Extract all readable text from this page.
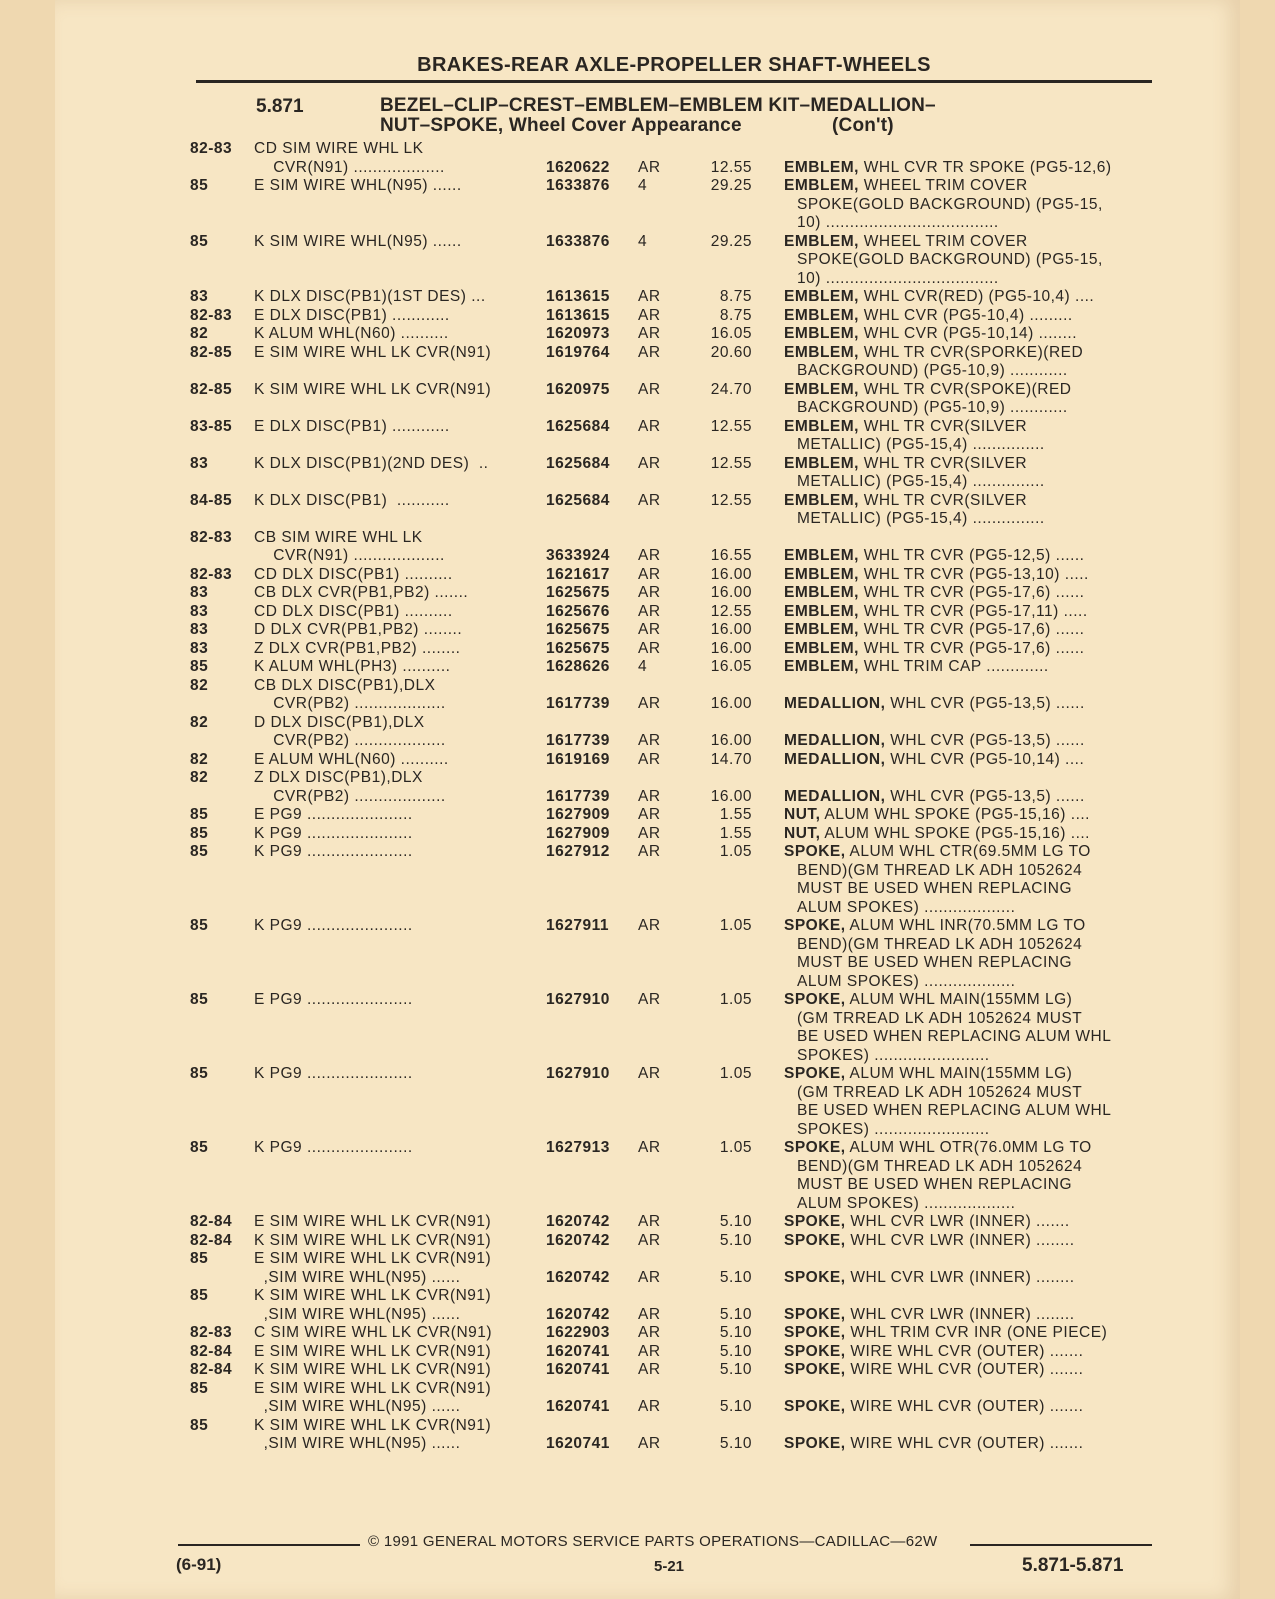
BRAKES-REAR AXLE-PROPELLER SHAFT-WHEELS
5.871	BEZEL–CLIP–CREST–EMBLEM–EMBLEM KIT–MEDALLION–
NUT–SPOKE, Wheel Cover Appearance	(Con't)
82-83	CD SIM WIRE WHL LK
CVR(N91) ...................	1620622 AR	12.55 EMBLEM, WHL CVR TR SPOKE (PG5-12,6)
85	E SIM WIRE WHL(N95) ......	1633876 4	29.25 EMBLEM, WHEEL TRIM COVER
SPOKE(GOLD BACKGROUND) (PG5-15,
10) ....................................
85	K SIM WIRE WHL(N95) ......	1633876 4	29.25 EMBLEM, WHEEL TRIM COVER
SPOKE(GOLD BACKGROUND) (PG5-15,
10) ....................................
83	K DLX DISC(PB1)(1ST DES) ...	1613615 AR	8.75 EMBLEM, WHL CVR(RED) (PG5-10,4) ....
82-83	E DLX DISC(PB1) ............	1613615 AR	8.75 EMBLEM, WHL CVR (PG5-10,4) .........
82	K ALUM WHL(N60) ..........	1620973 AR	16.05 EMBLEM, WHL CVR (PG5-10,14) ........
82-85	E SIM WIRE WHL LK CVR(N91)	1619764 AR	20.60 EMBLEM, WHL TR CVR(SPORKE)(RED
BACKGROUND) (PG5-10,9) ............
82-85	K SIM WIRE WHL LK CVR(N91)	1620975 AR	24.70 EMBLEM, WHL TR CVR(SPOKE)(RED
BACKGROUND) (PG5-10,9) ............
83-85	E DLX DISC(PB1) ............	1625684 AR	12.55 EMBLEM, WHL TR CVR(SILVER
METALLIC) (PG5-15,4) ...............
83	K DLX DISC(PB1)(2ND DES)  ..	1625684 AR	12.55 EMBLEM, WHL TR CVR(SILVER
METALLIC) (PG5-15,4) ...............
84-85	K DLX DISC(PB1)  ...........	1625684 AR	12.55 EMBLEM, WHL TR CVR(SILVER
METALLIC) (PG5-15,4) ...............
82-83	CB SIM WIRE WHL LK
CVR(N91) ...................	3633924 AR	16.55 EMBLEM, WHL TR CVR (PG5-12,5) ......
82-83	CD DLX DISC(PB1) ..........	1621617 AR	16.00 EMBLEM, WHL TR CVR (PG5-13,10) .....
83	CB DLX CVR(PB1,PB2) .......	1625675 AR	16.00 EMBLEM, WHL TR CVR (PG5-17,6) ......
83	CD DLX DISC(PB1) ..........	1625676 AR	12.55 EMBLEM, WHL TR CVR (PG5-17,11) .....
83	D DLX CVR(PB1,PB2) ........	1625675 AR	16.00 EMBLEM, WHL TR CVR (PG5-17,6) ......
83	Z DLX CVR(PB1,PB2) ........	1625675 AR	16.00 EMBLEM, WHL TR CVR (PG5-17,6) ......
85	K ALUM WHL(PH3) ..........	1628626 4	16.05 EMBLEM, WHL TRIM CAP .............
82	CB DLX DISC(PB1),DLX
CVR(PB2) ...................	1617739 AR	16.00 MEDALLION, WHL CVR (PG5-13,5) ......
82	D DLX DISC(PB1),DLX
CVR(PB2) ...................	1617739 AR	16.00 MEDALLION, WHL CVR (PG5-13,5) ......
82	E ALUM WHL(N60) ..........	1619169 AR	14.70 MEDALLION, WHL CVR (PG5-10,14) ....
82	Z DLX DISC(PB1),DLX
CVR(PB2) ...................	1617739 AR	16.00 MEDALLION, WHL CVR (PG5-13,5) ......
85	E PG9 ......................	1627909 AR	1.55 NUT, ALUM WHL SPOKE (PG5-15,16) ....
85	K PG9 ......................	1627909 AR	1.55 NUT, ALUM WHL SPOKE (PG5-15,16) ....
85	K PG9 ......................	1627912 AR	1.05 SPOKE, ALUM WHL CTR(69.5MM LG TO
BEND)(GM THREAD LK ADH 1052624
MUST BE USED WHEN REPLACING
ALUM SPOKES) ...................
85	K PG9 ......................	1627911 AR	1.05 SPOKE, ALUM WHL INR(70.5MM LG TO
BEND)(GM THREAD LK ADH 1052624
MUST BE USED WHEN REPLACING
ALUM SPOKES) ...................
85	E PG9 ......................	1627910 AR	1.05 SPOKE, ALUM WHL MAIN(155MM LG)
(GM TRREAD LK ADH 1052624 MUST
BE USED WHEN REPLACING ALUM WHL
SPOKES) ........................
85	K PG9 ......................	1627910 AR	1.05 SPOKE, ALUM WHL MAIN(155MM LG)
(GM TRREAD LK ADH 1052624 MUST
BE USED WHEN REPLACING ALUM WHL
SPOKES) ........................
85	K PG9 ......................	1627913 AR	1.05 SPOKE, ALUM WHL OTR(76.0MM LG TO
BEND)(GM THREAD LK ADH 1052624
MUST BE USED WHEN REPLACING
ALUM SPOKES) ...................
82-84	E SIM WIRE WHL LK CVR(N91)	1620742 AR	5.10 SPOKE, WHL CVR LWR (INNER) .......
82-84	K SIM WIRE WHL LK CVR(N91)	1620742 AR	5.10 SPOKE, WHL CVR LWR (INNER) ........
85	E SIM WIRE WHL LK CVR(N91)
,SIM WIRE WHL(N95) ......	1620742 AR	5.10 SPOKE, WHL CVR LWR (INNER) ........
85	K SIM WIRE WHL LK CVR(N91)
,SIM WIRE WHL(N95) ......	1620742 AR	5.10 SPOKE, WHL CVR LWR (INNER) ........
82-83	C SIM WIRE WHL LK CVR(N91)	1622903 AR	5.10 SPOKE, WHL TRIM CVR INR (ONE PIECE)
82-84	E SIM WIRE WHL LK CVR(N91)	1620741 AR	5.10 SPOKE, WIRE WHL CVR (OUTER) .......
82-84	K SIM WIRE WHL LK CVR(N91)	1620741 AR	5.10 SPOKE, WIRE WHL CVR (OUTER) .......
85	E SIM WIRE WHL LK CVR(N91)
,SIM WIRE WHL(N95) ......	1620741 AR	5.10 SPOKE, WIRE WHL CVR (OUTER) .......
85	K SIM WIRE WHL LK CVR(N91)
,SIM WIRE WHL(N95) ......	1620741 AR	5.10 SPOKE, WIRE WHL CVR (OUTER) .......
© 1991 GENERAL MOTORS SERVICE PARTS OPERATIONS—CADILLAC—62W
(6-91)	5-21	5.871-5.871
